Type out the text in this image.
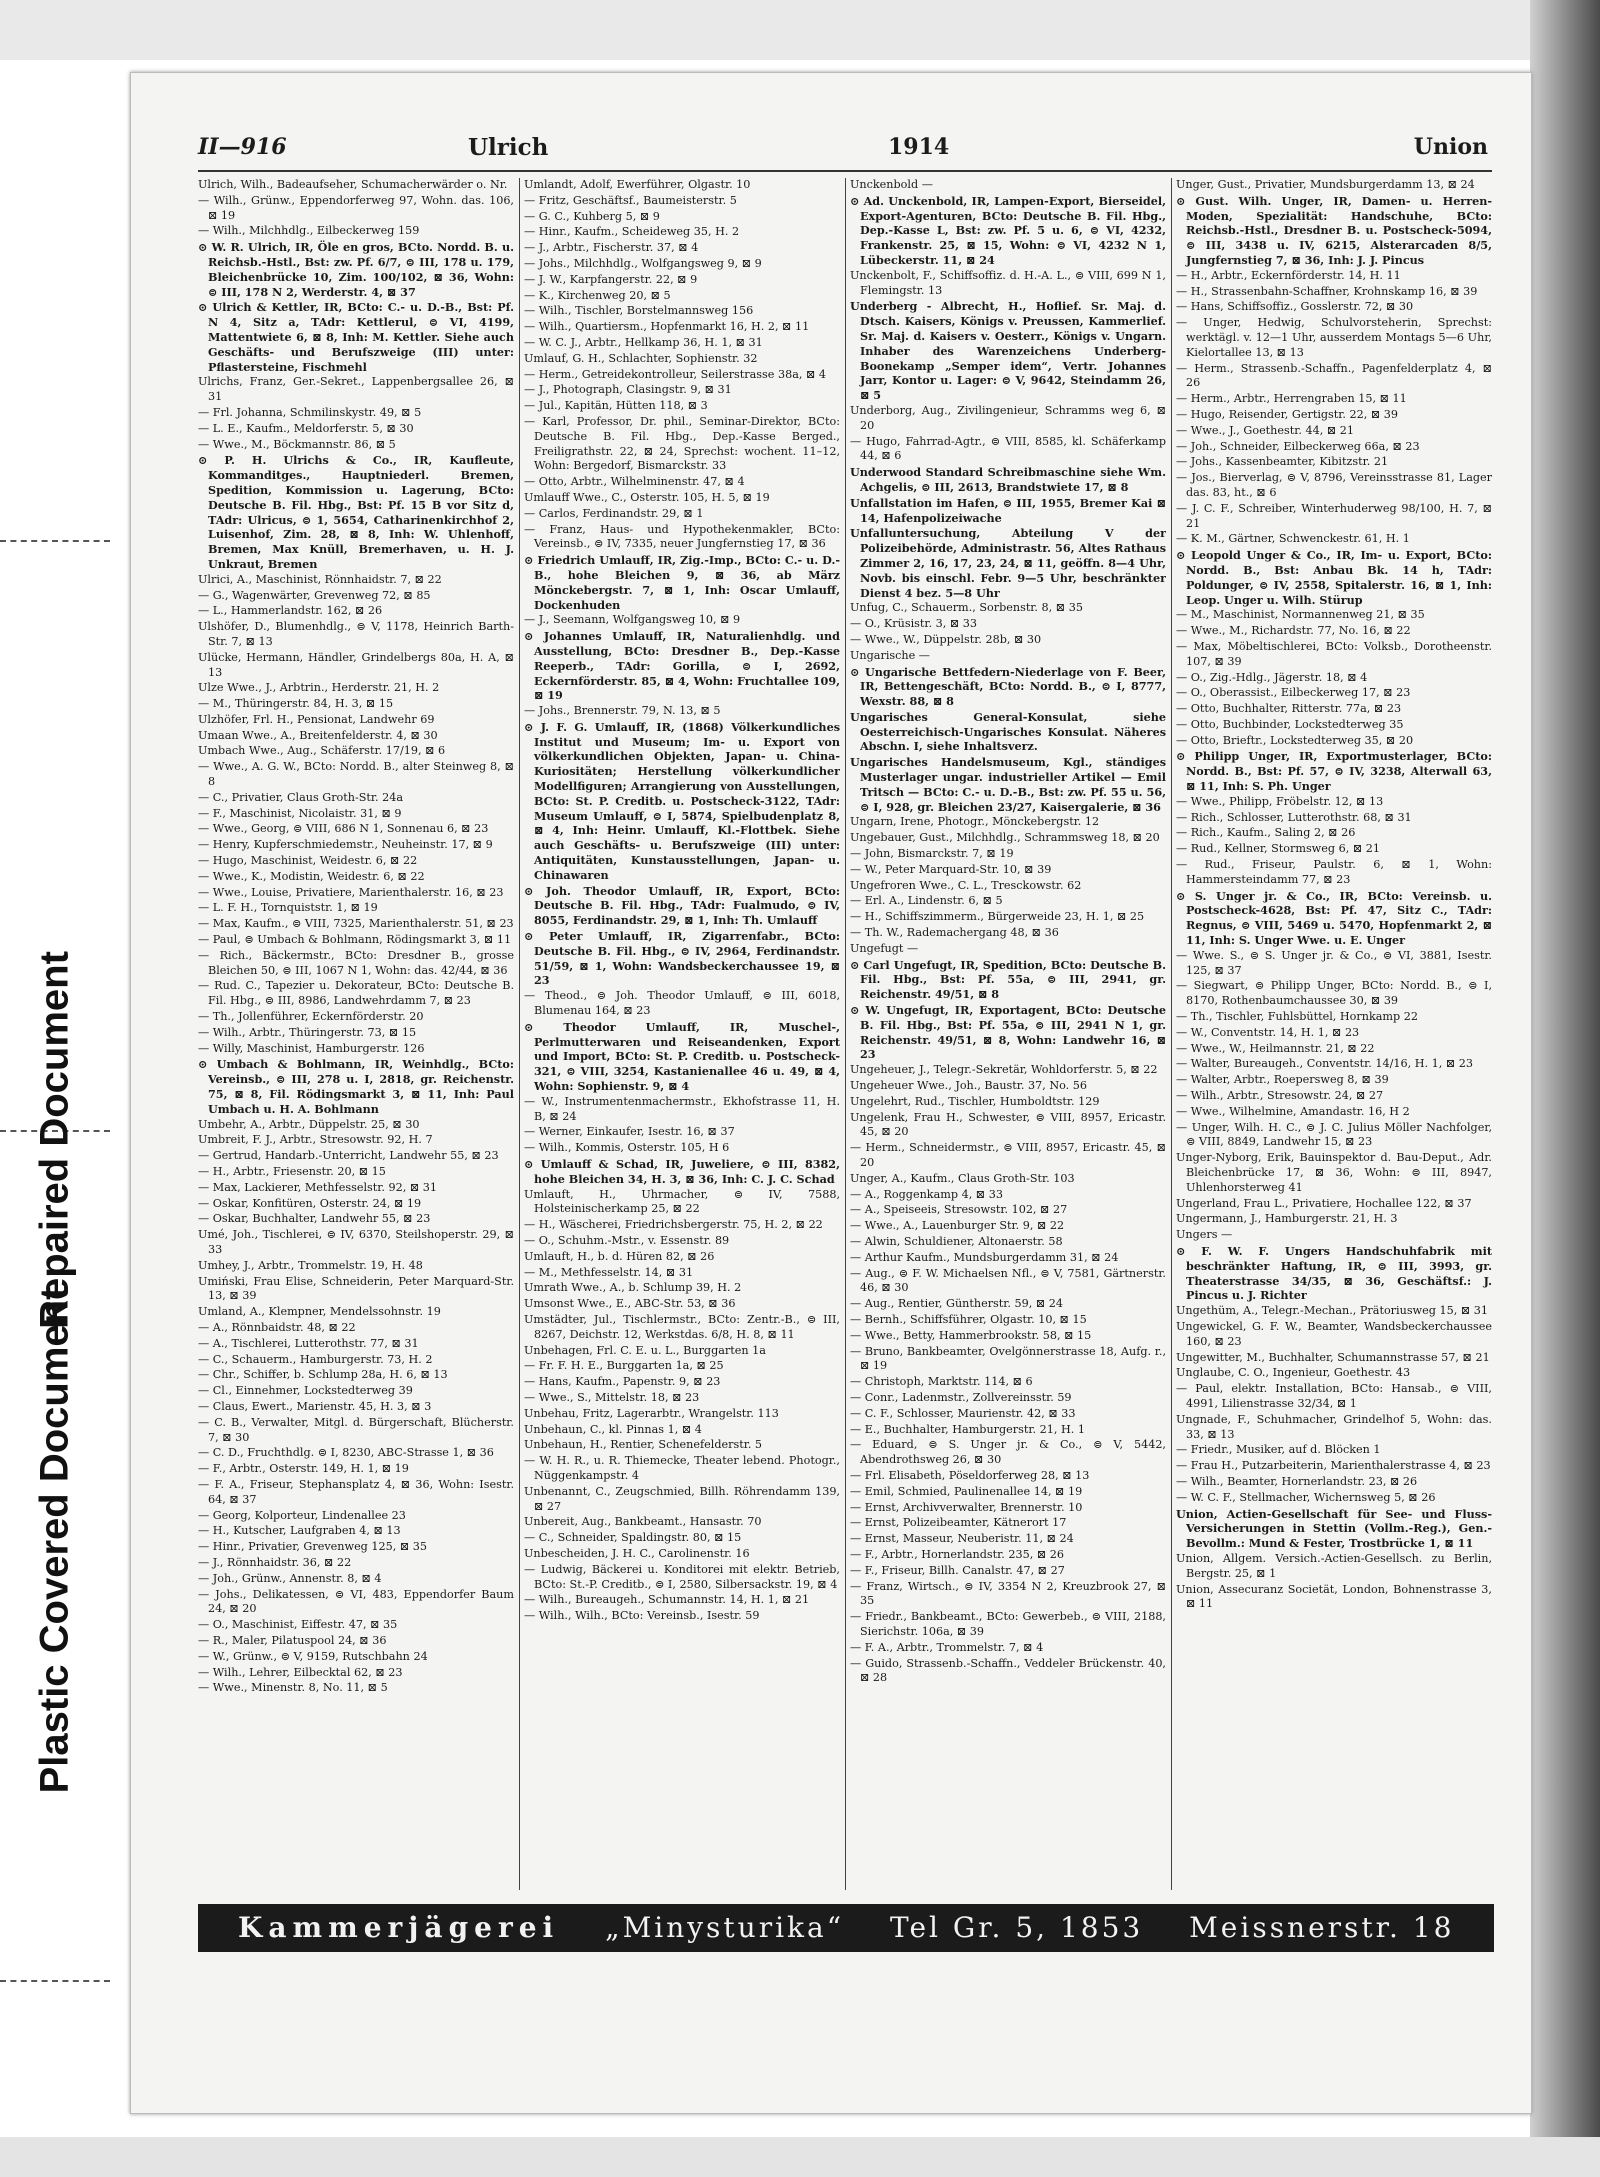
Repaired Document
Plastic Covered Document
II—916	Ulrich	1914	Union
Ulrich, Wilh., Badeaufseher, Schumacherwärder o. Nr.
— Wilh., Grünw., Eppendorferweg 97, Wohn. das. 106, ⊠ 19
— Wilh., Milchhdlg., Eilbeckerweg 159
⊙ W. R. Ulrich, IR, Öle en gros, BCto. Nordd. B. u. Reichsb.-Hstl., Bst: zw. Pf. 6/7, ⊜ III, 178 u. 179, Bleichenbrücke 10, Zim. 100/102, ⊠ 36, Wohn: ⊜ III, 178 N 2, Werderstr. 4, ⊠ 37
⊙ Ulrich & Kettler, IR, BCto: C.- u. D.-B., Bst: Pf. N 4, Sitz a, TAdr: Kettlerul, ⊜ VI, 4199, Mattentwiete 6, ⊠ 8, Inh: M. Kettler. Siehe auch Geschäfts- und Berufszweige (III) unter: Pflastersteine, Fischmehl
Ulrichs, Franz, Ger.-Sekret., Lappenbergsallee 26, ⊠ 31
— Frl. Johanna, Schmilinskystr. 49, ⊠ 5
— L. E., Kaufm., Meldorferstr. 5, ⊠ 30
— Wwe., M., Böckmannstr. 86, ⊠ 5
⊙ P. H. Ulrichs & Co., IR, Kaufleute, Kommanditges., Hauptniederl. Bremen, Spedition, Kommission u. Lagerung, BCto: Deutsche B. Fil. Hbg., Bst: Pf. 15 B vor Sitz d, TAdr: Ulricus, ⊜ 1, 5654, Catharinenkirchhof 2, Luisenhof, Zim. 28, ⊠ 8, Inh: W. Uhlenhoff, Bremen, Max Knüll, Bremerhaven, u. H. J. Unkraut, Bremen
Ulrici, A., Maschinist, Rönnhaidstr. 7, ⊠ 22
— G., Wagenwärter, Grevenweg 72, ⊠ 85
— L., Hammerlandstr. 162, ⊠ 26
Ulshöfer, D., Blumenhdlg., ⊜ V, 1178, Heinrich Barth-Str. 7, ⊠ 13
Ulücke, Hermann, Händler, Grindelbergs 80a, H. A, ⊠ 13
Ulze Wwe., J., Arbtrin., Herderstr. 21, H. 2
— M., Thüringerstr. 84, H. 3, ⊠ 15
Ulzhöfer, Frl. H., Pensionat, Landwehr 69
Umaan Wwe., A., Breitenfelderstr. 4, ⊠ 30
Umbach Wwe., Aug., Schäferstr. 17/19, ⊠ 6
— Wwe., A. G. W., BCto: Nordd. B., alter Steinweg 8, ⊠ 8
— C., Privatier, Claus Groth-Str. 24a
— F., Maschinist, Nicolaistr. 31, ⊠ 9
— Wwe., Georg, ⊜ VIII, 686 N 1, Sonnenau 6, ⊠ 23
— Henry, Kupferschmiedemstr., Neuheinstr. 17, ⊠ 9
— Hugo, Maschinist, Weidestr. 6, ⊠ 22
— Wwe., K., Modistin, Weidestr. 6, ⊠ 22
— Wwe., Louise, Privatiere, Marienthalerstr. 16, ⊠ 23
— L. F. H., Tornquiststr. 1, ⊠ 19
— Max, Kaufm., ⊜ VIII, 7325, Marienthalerstr. 51, ⊠ 23
— Paul, ⊜ Umbach & Bohlmann, Rödingsmarkt 3, ⊠ 11
— Rich., Bäckermstr., BCto: Dresdner B., grosse Bleichen 50, ⊜ III, 1067 N 1, Wohn: das. 42/44, ⊠ 36
— Rud. C., Tapezier u. Dekorateur, BCto: Deutsche B. Fil. Hbg., ⊜ III, 8986, Landwehrdamm 7, ⊠ 23
— Th., Jollenführer, Eckernförderstr. 20
— Wilh., Arbtr., Thüringerstr. 73, ⊠ 15
— Willy, Maschinist, Hamburgerstr. 126
⊙ Umbach & Bohlmann, IR, Weinhdlg., BCto: Vereinsb., ⊜ III, 278 u. I, 2818, gr. Reichenstr. 75, ⊠ 8, Fil. Rödingsmarkt 3, ⊠ 11, Inh: Paul Umbach u. H. A. Bohlmann
Umbehr, A., Arbtr., Düppelstr. 25, ⊠ 30
Umbreit, F. J., Arbtr., Stresowstr. 92, H. 7
— Gertrud, Handarb.-Unterricht, Landwehr 55, ⊠ 23
— H., Arbtr., Friesenstr. 20, ⊠ 15
— Max, Lackierer, Methfesselstr. 92, ⊠ 31
— Oskar, Konfitüren, Osterstr. 24, ⊠ 19
— Oskar, Buchhalter, Landwehr 55, ⊠ 23
Umé, Joh., Tischlerei, ⊜ IV, 6370, Steilshoperstr. 29, ⊠ 33
Umhey, J., Arbtr., Trommelstr. 19, H. 48
Umiński, Frau Elise, Schneiderin, Peter Marquard-Str. 13, ⊠ 39
Umland, A., Klempner, Mendelssohnstr. 19
— A., Rönnbaidstr. 48, ⊠ 22
— A., Tischlerei, Lutterothstr. 77, ⊠ 31
— C., Schauerm., Hamburgerstr. 73, H. 2
— Chr., Schiffer, b. Schlump 28a, H. 6, ⊠ 13
— Cl., Einnehmer, Lockstedterweg 39
— Claus, Ewert., Marienstr. 45, H. 3, ⊠ 3
— C. B., Verwalter, Mitgl. d. Bürgerschaft, Blücherstr. 7, ⊠ 30
— C. D., Fruchthdlg. ⊜ I, 8230, ABC-Strasse 1, ⊠ 36
— F., Arbtr., Osterstr. 149, H. 1, ⊠ 19
— F. A., Friseur, Stephansplatz 4, ⊠ 36, Wohn: Isestr. 64, ⊠ 37
— Georg, Kolporteur, Lindenallee 23
— H., Kutscher, Laufgraben 4, ⊠ 13
— Hinr., Privatier, Grevenweg 125, ⊠ 35
— J., Rönnhaidstr. 36, ⊠ 22
— Joh., Grünw., Annenstr. 8, ⊠ 4
— Johs., Delikatessen, ⊜ VI, 483, Eppendorfer Baum 24, ⊠ 20
— O., Maschinist, Eiffestr. 47, ⊠ 35
— R., Maler, Pilatuspool 24, ⊠ 36
— W., Grünw., ⊜ V, 9159, Rutschbahn 24
— Wilh., Lehrer, Eilbecktal 62, ⊠ 23
— Wwe., Minenstr. 8, No. 11, ⊠ 5
Umlandt, Adolf, Ewerführer, Olgastr. 10
— Fritz, Geschäftsf., Baumeisterstr. 5
— G. C., Kuhberg 5, ⊠ 9
— Hinr., Kaufm., Scheideweg 35, H. 2
— J., Arbtr., Fischerstr. 37, ⊠ 4
— Johs., Milchhdlg., Wolfgangsweg 9, ⊠ 9
— J. W., Karpfangerstr. 22, ⊠ 9
— K., Kirchenweg 20, ⊠ 5
— Wilh., Tischler, Borstelmannsweg 156
— Wilh., Quartiersm., Hopfenmarkt 16, H. 2, ⊠ 11
— W. C. J., Arbtr., Hellkamp 36, H. 1, ⊠ 31
Umlauf, G. H., Schlachter, Sophienstr. 32
— Herm., Getreidekontrolleur, Seilerstrasse 38a, ⊠ 4
— J., Photograph, Clasingstr. 9, ⊠ 31
— Jul., Kapitän, Hütten 118, ⊠ 3
— Karl, Professor, Dr. phil., Seminar-Direktor, BCto: Deutsche B. Fil. Hbg., Dep.-Kasse Berged., Freiligrathstr. 22, ⊠ 24, Sprechst: wochent. 11–12, Wohn: Bergedorf, Bismarckstr. 33
— Otto, Arbtr., Wilhelminenstr. 47, ⊠ 4
Umlauff Wwe., C., Osterstr. 105, H. 5, ⊠ 19
— Carlos, Ferdinandstr. 29, ⊠ 1
— Franz, Haus- und Hypothekenmakler, BCto: Vereinsb., ⊜ IV, 7335, neuer Jungfernstieg 17, ⊠ 36
⊙ Friedrich Umlauff, IR, Zig.-Imp., BCto: C.- u. D.-B., hohe Bleichen 9, ⊠ 36, ab März Mönckebergstr. 7, ⊠ 1, Inh: Oscar Umlauff, Dockenhuden
— J., Seemann, Wolfgangsweg 10, ⊠ 9
⊙ Johannes Umlauff, IR, Naturalienhdlg. und Ausstellung, BCto: Dresdner B., Dep.-Kasse Reeperb., TAdr: Gorilla, ⊜ I, 2692, Eckernförderstr. 85, ⊠ 4, Wohn: Fruchtallee 109, ⊠ 19
— Johs., Brennerstr. 79, N. 13, ⊠ 5
⊙ J. F. G. Umlauff, IR, (1868) Völkerkundliches Institut und Museum; Im- u. Export von völkerkundlichen Objekten, Japan- u. China-Kuriositäten; Herstellung völkerkundlicher Modellfiguren; Arrangierung von Ausstellungen, BCto: St. P. Creditb. u. Postscheck-3122, TAdr: Museum Umlauff, ⊜ I, 5874, Spielbudenplatz 8, ⊠ 4, Inh: Heinr. Umlauff, Kl.-Flottbek. Siehe auch Geschäfts- u. Berufszweige (III) unter: Antiquitäten, Kunstausstellungen, Japan- u. Chinawaren
⊙ Joh. Theodor Umlauff, IR, Export, BCto: Deutsche B. Fil. Hbg., TAdr: Fualmudo, ⊜ IV, 8055, Ferdinandstr. 29, ⊠ 1, Inh: Th. Umlauff
⊙ Peter Umlauff, IR, Zigarrenfabr., BCto: Deutsche B. Fil. Hbg., ⊜ IV, 2964, Ferdinandstr. 51/59, ⊠ 1, Wohn: Wandsbeckerchaussee 19, ⊠ 23
— Theod., ⊜ Joh. Theodor Umlauff, ⊜ III, 6018, Blumenau 164, ⊠ 23
⊙ Theodor Umlauff, IR, Muschel-, Perlmutterwaren und Reiseandenken, Export und Import, BCto: St. P. Creditb. u. Postscheck-321, ⊜ VIII, 3254, Kastanienallee 46 u. 49, ⊠ 4, Wohn: Sophienstr. 9, ⊠ 4
— W., Instrumentenmachermstr., Ekhofstrasse 11, H. B, ⊠ 24
— Werner, Einkaufer, Isestr. 16, ⊠ 37
— Wilh., Kommis, Osterstr. 105, H 6
⊙ Umlauff & Schad, IR, Juweliere, ⊜ III, 8382, hohe Bleichen 34, H. 3, ⊠ 36, Inh: C. J. C. Schad
Umlauft, H., Uhrmacher, ⊜ IV, 7588, Holsteinischerkamp 25, ⊠ 22
— H., Wäscherei, Friedrichsbergerstr. 75, H. 2, ⊠ 22
— O., Schuhm.-Mstr., v. Essenstr. 89
Umlauft, H., b. d. Hüren 82, ⊠ 26
— M., Methfesselstr. 14, ⊠ 31
Umrath Wwe., A., b. Schlump 39, H. 2
Umsonst Wwe., E., ABC-Str. 53, ⊠ 36
Umstädter, Jul., Tischlermstr., BCto: Zentr.-B., ⊜ III, 8267, Deichstr. 12, Werkstdas. 6/8, H. 8, ⊠ 11
Unbehagen, Frl. C. E. u. L., Burggarten 1a
— Fr. F. H. E., Burggarten 1a, ⊠ 25
— Hans, Kaufm., Papenstr. 9, ⊠ 23
— Wwe., S., Mittelstr. 18, ⊠ 23
Unbehau, Fritz, Lagerarbtr., Wrangelstr. 113
Unbehaun, C., kl. Pinnas 1, ⊠ 4
Unbehaun, H., Rentier, Schenefelderstr. 5
— W. H. R., u. R. Thiemecke, Theater lebend. Photogr., Nüggenkampstr. 4
Unbenannt, C., Zeugschmied, Billh. Röhrendamm 139, ⊠ 27
Unbereit, Aug., Bankbeamt., Hansastr. 70
— C., Schneider, Spaldingstr. 80, ⊠ 15
Unbescheiden, J. H. C., Carolinenstr. 16
— Ludwig, Bäckerei u. Konditorei mit elektr. Betrieb, BCto: St.-P. Creditb., ⊜ I, 2580, Silbersackstr. 19, ⊠ 4
— Wilh., Bureaugeh., Schumannstr. 14, H. 1, ⊠ 21
— Wilh., Wilh., BCto: Vereinsb., Isestr. 59
Unckenbold —
⊙ Ad. Unckenbold, IR, Lampen-Export, Bierseidel, Export-Agenturen, BCto: Deutsche B. Fil. Hbg., Dep.-Kasse L, Bst: zw. Pf. 5 u. 6, ⊜ VI, 4232, Frankenstr. 25, ⊠ 15, Wohn: ⊜ VI, 4232 N 1, Lübeckerstr. 11, ⊠ 24
Unckenbolt, F., Schiffsoffiz. d. H.-A. L., ⊜ VIII, 699 N 1, Flemingstr. 13
Underberg - Albrecht, H., Hoflief. Sr. Maj. d. Dtsch. Kaisers, Königs v. Preussen, Kammerlief. Sr. Maj. d. Kaisers v. Oesterr., Königs v. Ungarn. Inhaber des Warenzeichens Underberg-Boonekamp „Semper idem“, Vertr. Johannes Jarr, Kontor u. Lager: ⊜ V, 9642, Steindamm 26, ⊠ 5
Underborg, Aug., Zivilingenieur, Schramms weg 6, ⊠ 20
— Hugo, Fahrrad-Agtr., ⊜ VIII, 8585, kl. Schäferkamp 44, ⊠ 6
Underwood Standard Schreibmaschine siehe Wm. Achgelis, ⊜ III, 2613, Brandstwiete 17, ⊠ 8
Unfallstation im Hafen, ⊜ III, 1955, Bremer Kai ⊠ 14, Hafenpolizeiwache
Unfalluntersuchung, Abteilung V der Polizeibehörde, Administrastr. 56, Altes Rathaus Zimmer 2, 16, 17, 23, 24, ⊠ 11, geöffn. 8—4 Uhr, Novb. bis einschl. Febr. 9—5 Uhr, beschränkter Dienst 4 bez. 5—8 Uhr
Unfug, C., Schauerm., Sorbenstr. 8, ⊠ 35
— O., Krüsistr. 3, ⊠ 33
— Wwe., W., Düppelstr. 28b, ⊠ 30
Ungarische —
⊙ Ungarische Bettfedern-Niederlage von F. Beer, IR, Bettengeschäft, BCto: Nordd. B., ⊜ I, 8777, Wexstr. 88, ⊠ 8
Ungarisches General-Konsulat, siehe Oesterreichisch-Ungarisches Konsulat. Näheres Abschn. I, siehe Inhaltsverz.
Ungarisches Handelsmuseum, Kgl., ständiges Musterlager ungar. industrieller Artikel — Emil Tritsch — BCto: C.- u. D.-B., Bst: zw. Pf. 55 u. 56, ⊜ I, 928, gr. Bleichen 23/27, Kaisergalerie, ⊠ 36
Ungarn, Irene, Photogr., Mönckebergstr. 12
Ungebauer, Gust., Milchhdlg., Schrammsweg 18, ⊠ 20
— John, Bismarckstr. 7, ⊠ 19
— W., Peter Marquard-Str. 10, ⊠ 39
Ungefroren Wwe., C. L., Tresckowstr. 62
— Erl. A., Lindenstr. 6, ⊠ 5
— H., Schiffszimmerm., Bürgerweide 23, H. 1, ⊠ 25
— Th. W., Rademachergang 48, ⊠ 36
Ungefugt —
⊙ Carl Ungefugt, IR, Spedition, BCto: Deutsche B. Fil. Hbg., Bst: Pf. 55a, ⊜ III, 2941, gr. Reichenstr. 49/51, ⊠ 8
⊙ W. Ungefugt, IR, Exportagent, BCto: Deutsche B. Fil. Hbg., Bst: Pf. 55a, ⊜ III, 2941 N 1, gr. Reichenstr. 49/51, ⊠ 8, Wohn: Landwehr 16, ⊠ 23
Ungeheuer, J., Telegr.-Sekretär, Wohldorferstr. 5, ⊠ 22
Ungeheuer Wwe., Joh., Baustr. 37, No. 56
Ungelehrt, Rud., Tischler, Humboldtstr. 129
Ungelenk, Frau H., Schwester, ⊜ VIII, 8957, Ericastr. 45, ⊠ 20
— Herm., Schneidermstr., ⊜ VIII, 8957, Ericastr. 45, ⊠ 20
Unger, A., Kaufm., Claus Groth-Str. 103
— A., Roggenkamp 4, ⊠ 33
— A., Speiseeis, Stresowstr. 102, ⊠ 27
— Wwe., A., Lauenburger Str. 9, ⊠ 22
— Alwin, Schuldiener, Altonaerstr. 58
— Arthur Kaufm., Mundsburgerdamm 31, ⊠ 24
— Aug., ⊜ F. W. Michaelsen Nfl., ⊜ V, 7581, Gärtnerstr. 46, ⊠ 30
— Aug., Rentier, Güntherstr. 59, ⊠ 24
— Bernh., Schiffsführer, Olgastr. 10, ⊠ 15
— Wwe., Betty, Hammerbrookstr. 58, ⊠ 15
— Bruno, Bankbeamter, Ovelgönnerstrasse 18, Aufg. r., ⊠ 19
— Christoph, Marktstr. 114, ⊠ 6
— Conr., Ladenmstr., Zollvereinsstr. 59
— C. F., Schlosser, Maurienstr. 42, ⊠ 33
— E., Buchhalter, Hamburgerstr. 21, H. 1
— Eduard, ⊜ S. Unger jr. & Co., ⊜ V, 5442, Abendrothsweg 26, ⊠ 30
— Frl. Elisabeth, Pöseldorferweg 28, ⊠ 13
— Emil, Schmied, Paulinenallee 14, ⊠ 19
— Ernst, Archivverwalter, Brennerstr. 10
— Ernst, Polizeibeamter, Kätnerort 17
— Ernst, Masseur, Neuberistr. 11, ⊠ 24
— F., Arbtr., Hornerlandstr. 235, ⊠ 26
— F., Friseur, Billh. Canalstr. 47, ⊠ 27
— Franz, Wirtsch., ⊜ IV, 3354 N 2, Kreuzbrook 27, ⊠ 35
— Friedr., Bankbeamt., BCto: Gewerbeb., ⊜ VIII, 2188, Sierichstr. 106a, ⊠ 39
— F. A., Arbtr., Trommelstr. 7, ⊠ 4
— Guido, Strassenb.-Schaffn., Veddeler Brückenstr. 40, ⊠ 28
Unger, Gust., Privatier, Mundsburgerdamm 13, ⊠ 24
⊙ Gust. Wilh. Unger, IR, Damen- u. Herren-Moden, Spezialität: Handschuhe, BCto: Reichsb.-Hstl., Dresdner B. u. Postscheck-5094, ⊜ III, 3438 u. IV, 6215, Alsterarcaden 8/5, Jungfernstieg 7, ⊠ 36, Inh: J. J. Pincus
— H., Arbtr., Eckernförderstr. 14, H. 11
— H., Strassenbahn-Schaffner, Krohnskamp 16, ⊠ 39
— Hans, Schiffsoffiz., Gosslerstr. 72, ⊠ 30
— Unger, Hedwig, Schulvorsteherin, Sprechst: werktägl. v. 12—1 Uhr, ausserdem Montags 5—6 Uhr, Kielortallee 13, ⊠ 13
— Herm., Strassenb.-Schaffn., Pagenfelderplatz 4, ⊠ 26
— Herm., Arbtr., Herrengraben 15, ⊠ 11
— Hugo, Reisender, Gertigstr. 22, ⊠ 39
— Wwe., J., Goethestr. 44, ⊠ 21
— Joh., Schneider, Eilbeckerweg 66a, ⊠ 23
— Johs., Kassenbeamter, Kibitzstr. 21
— Jos., Bierverlag, ⊜ V, 8796, Vereinsstrasse 81, Lager das. 83, ht., ⊠ 6
— J. C. F., Schreiber, Winterhuderweg 98/100, H. 7, ⊠ 21
— K. M., Gärtner, Schwenckestr. 61, H. 1
⊙ Leopold Unger & Co., IR, Im- u. Export, BCto: Nordd. B., Bst: Anbau Bk. 14 h, TAdr: Poldunger, ⊜ IV, 2558, Spitalerstr. 16, ⊠ 1, Inh: Leop. Unger u. Wilh. Stürup
— M., Maschinist, Normannenweg 21, ⊠ 35
— Wwe., M., Richardstr. 77, No. 16, ⊠ 22
— Max, Möbeltischlerei, BCto: Volksb., Dorotheenstr. 107, ⊠ 39
— O., Zig.-Hdlg., Jägerstr. 18, ⊠ 4
— O., Oberassist., Eilbeckerweg 17, ⊠ 23
— Otto, Buchhalter, Ritterstr. 77a, ⊠ 23
— Otto, Buchbinder, Lockstedterweg 35
— Otto, Brieftr., Lockstedterweg 35, ⊠ 20
⊙ Philipp Unger, IR, Exportmusterlager, BCto: Nordd. B., Bst: Pf. 57, ⊜ IV, 3238, Alterwall 63, ⊠ 11, Inh: S. Ph. Unger
— Wwe., Philipp, Fröbelstr. 12, ⊠ 13
— Rich., Schlosser, Lutterothstr. 68, ⊠ 31
— Rich., Kaufm., Saling 2, ⊠ 26
— Rud., Kellner, Stormsweg 6, ⊠ 21
— Rud., Friseur, Paulstr. 6, ⊠ 1, Wohn: Hammersteindamm 77, ⊠ 23
⊙ S. Unger jr. & Co., IR, BCto: Vereinsb. u. Postscheck-4628, Bst: Pf. 47, Sitz C., TAdr: Regnus, ⊜ VIII, 5469 u. 5470, Hopfenmarkt 2, ⊠ 11, Inh: S. Unger Wwe. u. E. Unger
— Wwe. S., ⊜ S. Unger jr. & Co., ⊜ VI, 3881, Isestr. 125, ⊠ 37
— Siegwart, ⊜ Philipp Unger, BCto: Nordd. B., ⊜ I, 8170, Rothenbaumchaussee 30, ⊠ 39
— Th., Tischler, Fuhlsbüttel, Hornkamp 22
— W., Conventstr. 14, H. 1, ⊠ 23
— Wwe., W., Heilmannstr. 21, ⊠ 22
— Walter, Bureaugeh., Conventstr. 14/16, H. 1, ⊠ 23
— Walter, Arbtr., Roepersweg 8, ⊠ 39
— Wilh., Arbtr., Stresowstr. 24, ⊠ 27
— Wwe., Wilhelmine, Amandastr. 16, H 2
— Unger, Wilh. H. C., ⊜ J. C. Julius Möller Nachfolger, ⊜ VIII, 8849, Landwehr 15, ⊠ 23
Unger-Nyborg, Erik, Bauinspektor d. Bau-Deput., Adr. Bleichenbrücke 17, ⊠ 36, Wohn: ⊜ III, 8947, Uhlenhorsterweg 41
Ungerland, Frau L., Privatiere, Hochallee 122, ⊠ 37
Ungermann, J., Hamburgerstr. 21, H. 3
Ungers —
⊙ F. W. F. Ungers Handschuhfabrik mit beschränkter Haftung, IR, ⊜ III, 3993, gr. Theaterstrasse 34/35, ⊠ 36, Geschäftsf.: J. Pincus u. J. Richter
Ungethüm, A., Telegr.-Mechan., Prätoriusweg 15, ⊠ 31
Ungewickel, G. F. W., Beamter, Wandsbeckerchaussee 160, ⊠ 23
Ungewitter, M., Buchhalter, Schumannstrasse 57, ⊠ 21
Unglaube, C. O., Ingenieur, Goethestr. 43
— Paul, elektr. Installation, BCto: Hansab., ⊜ VIII, 4991, Lilienstrasse 32/34, ⊠ 1
Ungnade, F., Schuhmacher, Grindelhof 5, Wohn: das. 33, ⊠ 13
— Friedr., Musiker, auf d. Blöcken 1
— Frau H., Putzarbeiterin, Marienthalerstrasse 4, ⊠ 23
— Wilh., Beamter, Hornerlandstr. 23, ⊠ 26
— W. C. F., Stellmacher, Wichernsweg 5, ⊠ 26
Union, Actien-Gesellschaft für See- und Fluss-Versicherungen in Stettin (Vollm.-Reg.), Gen.-Bevollm.: Mund & Fester, Trostbrücke 1, ⊠ 11
Union, Allgem. Versich.-Actien-Gesellsch. zu Berlin, Bergstr. 25, ⊠ 1
Union, Assecuranz Societät, London, Bohnenstrasse 3, ⊠ 11
Kammerjägerei „Minysturika“ Tel Gr. 5, 1853 Meissnerstr. 18
